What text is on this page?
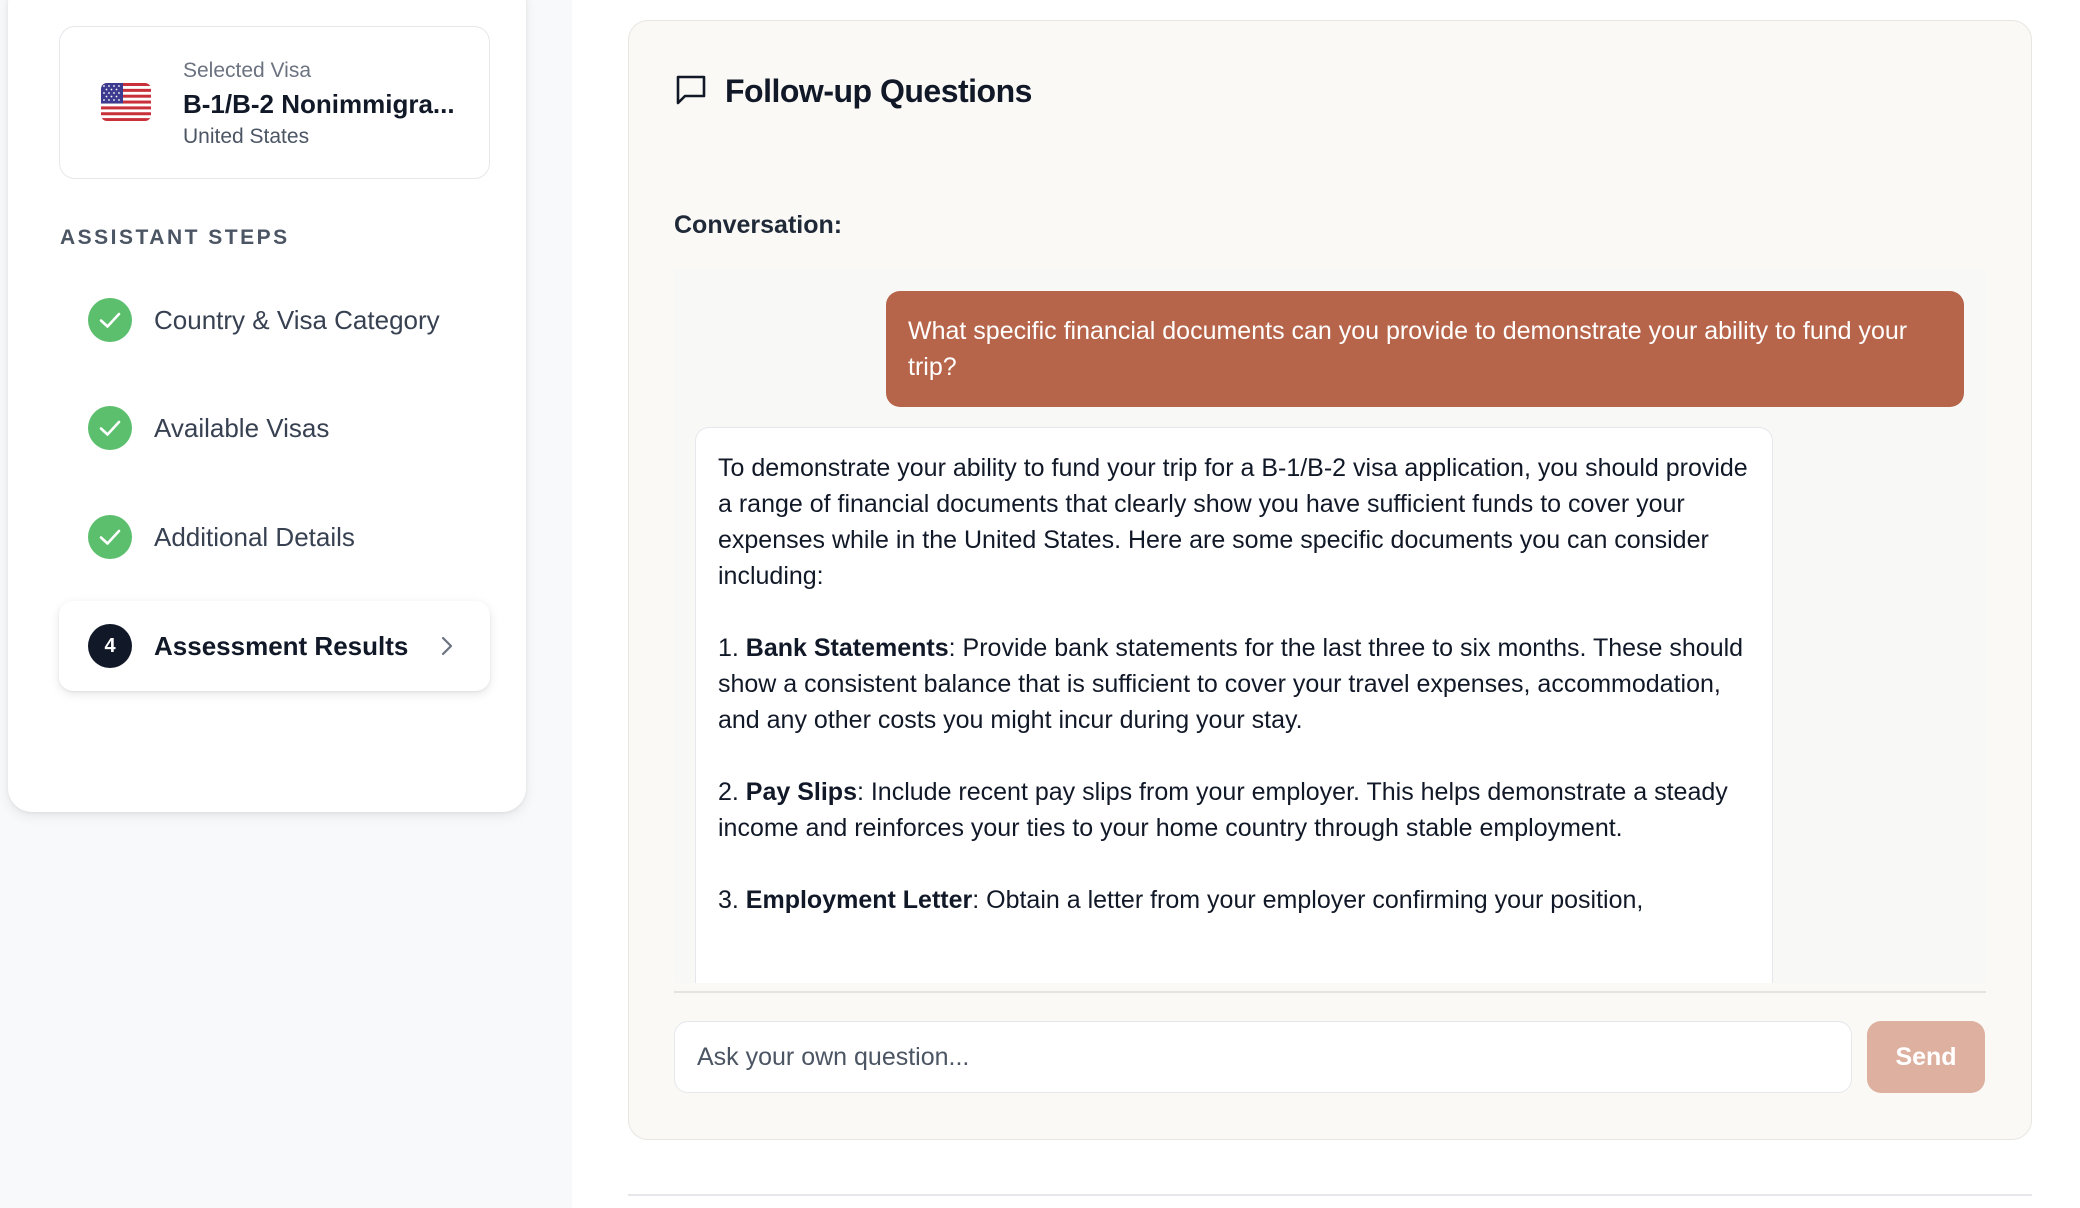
Selected Visa
B-1/B-2 Nonimmigra...
United States
ASSISTANT STEPS
Country & Visa Category
Available Visas
Additional Details
4	Assessment Results
Follow-up Questions
Conversation:
What specific financial documents can you provide to demonstrate your ability to fund your trip?

To demonstrate your ability to fund your trip for a B-1/B-2 visa application, you should provide a range of financial documents that clearly show you have sufficient funds to cover your expenses while in the United States. Here are some specific documents you can consider including:

1. Bank Statements: Provide bank statements for the last three to six months. These should show a consistent balance that is sufficient to cover your travel expenses, accommodation, and any other costs you might incur during your stay.

2. Pay Slips: Include recent pay slips from your employer. This helps demonstrate a steady income and reinforces your ties to your home country through stable employment.

3. Employment Letter: Obtain a letter from your employer confirming your position,

Ask your own question...
Send
